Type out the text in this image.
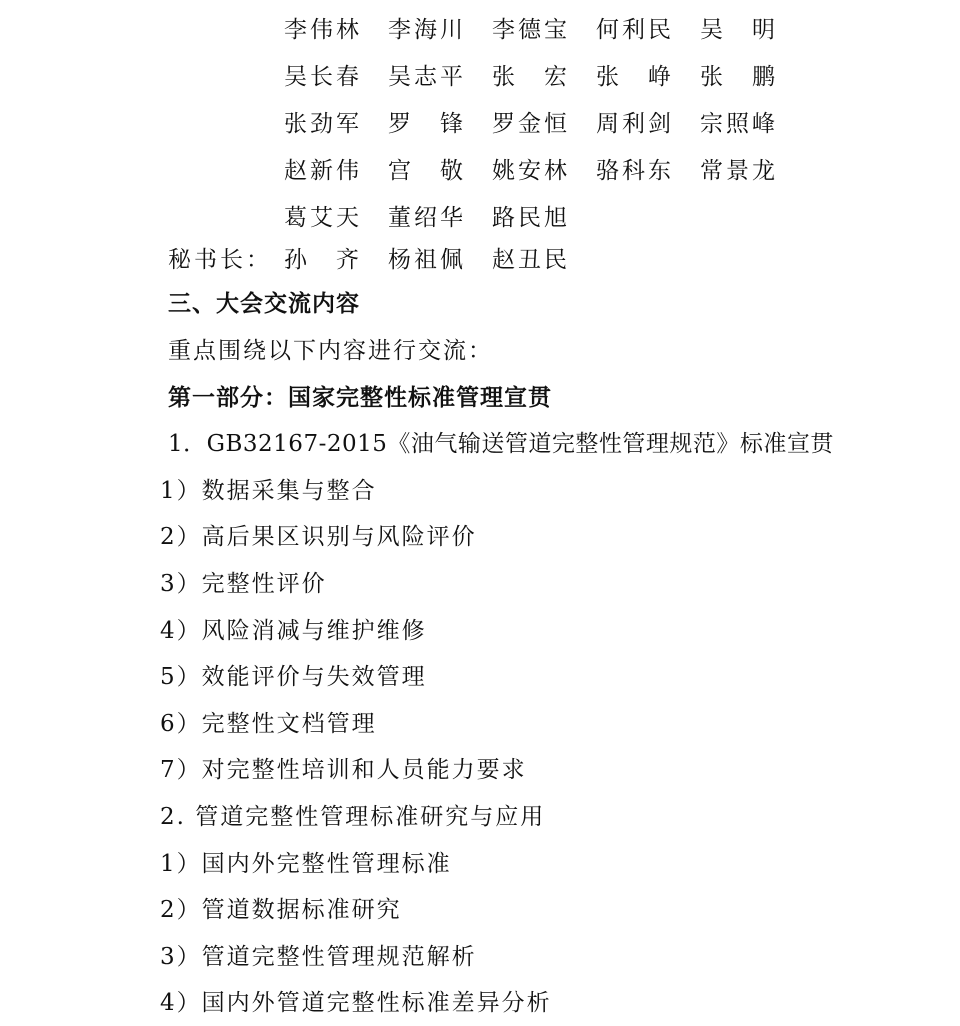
李伟林	李海川	李德宝	何利民	吴　明
吴长春	吴志平	张　宏	张　峥	张　鹏
张劲军	罗　锋	罗金恒	周利剑	宗照峰
赵新伟	宫　敬	姚安林	骆科东	常景龙
葛艾天	董绍华	路民旭
秘书长： 孙　齐	杨祖佩	赵丑民
三、大会交流内容
重点围绕以下内容进行交流：
第一部分：国家完整性标准管理宣贯
1．GB32167-2015《油气输送管道完整性管理规范》标准宣贯
1）数据采集与整合
2）高后果区识别与风险评价
3）完整性评价
4）风险消减与维护维修
5）效能评价与失效管理
6）完整性文档管理
7）对完整性培训和人员能力要求
2. 管道完整性管理标准研究与应用
1）国内外完整性管理标准
2）管道数据标准研究
3）管道完整性管理规范解析
4）国内外管道完整性标准差异分析
